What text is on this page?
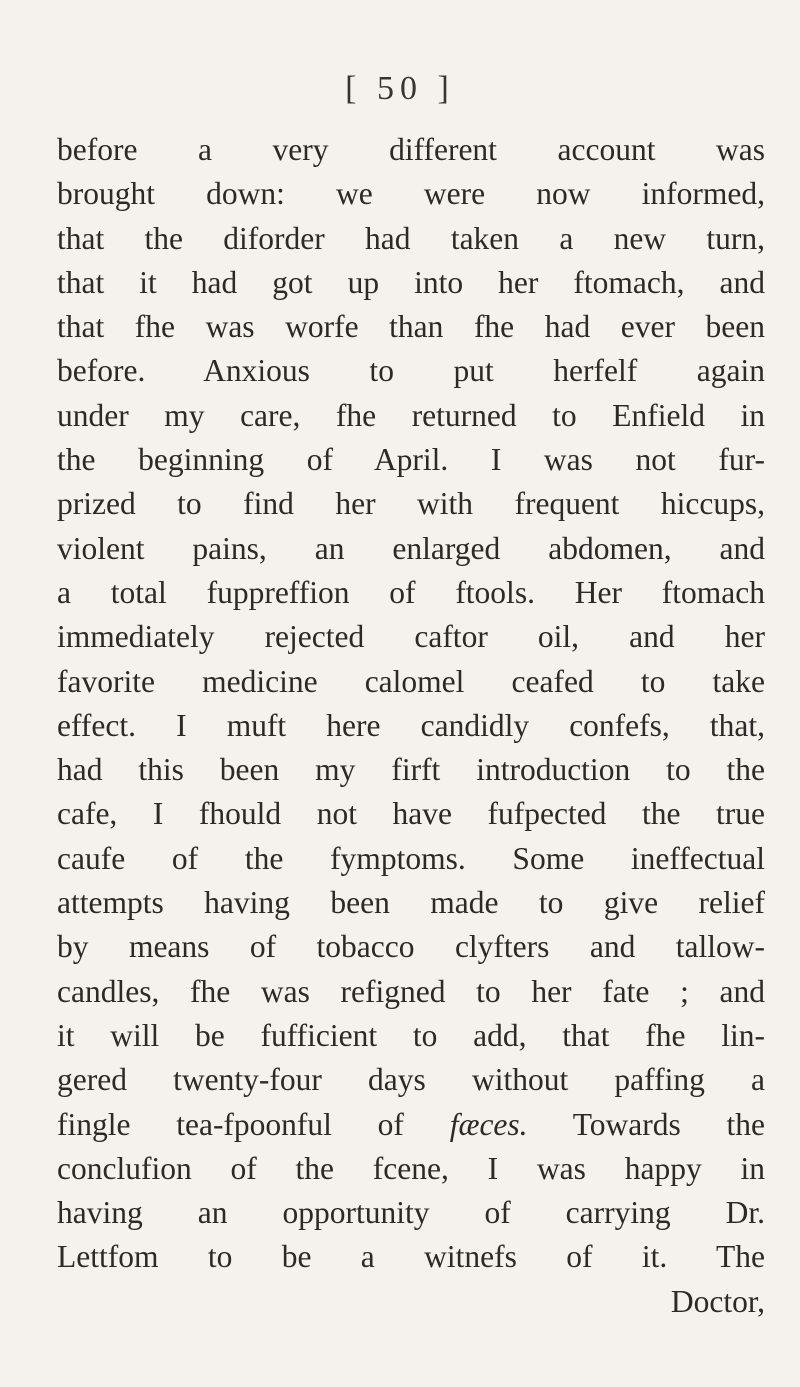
[ 50 ]
before a very different account was
brought down: we were now informed,
that the diforder had taken a new turn,
that it had got up into her ftomach, and
that fhe was worfe than fhe had ever been
before. Anxious to put herfelf again
under my care, fhe returned to Enfield in
the beginning of April. I was not fur-
prized to find her with frequent hiccups,
violent pains, an enlarged abdomen, and
a total fuppreffion of ftools. Her ftomach
immediately rejected caftor oil, and her
favorite medicine calomel ceafed to take
effect. I muft here candidly confefs, that,
had this been my firft introduction to the
cafe, I fhould not have fufpected the true
caufe of the fymptoms. Some ineffectual
attempts having been made to give relief
by means of tobacco clyfters and tallow-
candles, fhe was refigned to her fate ; and
it will be fufficient to add, that fhe lin-
gered twenty-four days without paffing a
fingle tea-fpoonful of fæces. Towards the
conclufion of the fcene, I was happy in
having an opportunity of carrying Dr.
Lettfom to be a witnefs of it. The
Doctor,
